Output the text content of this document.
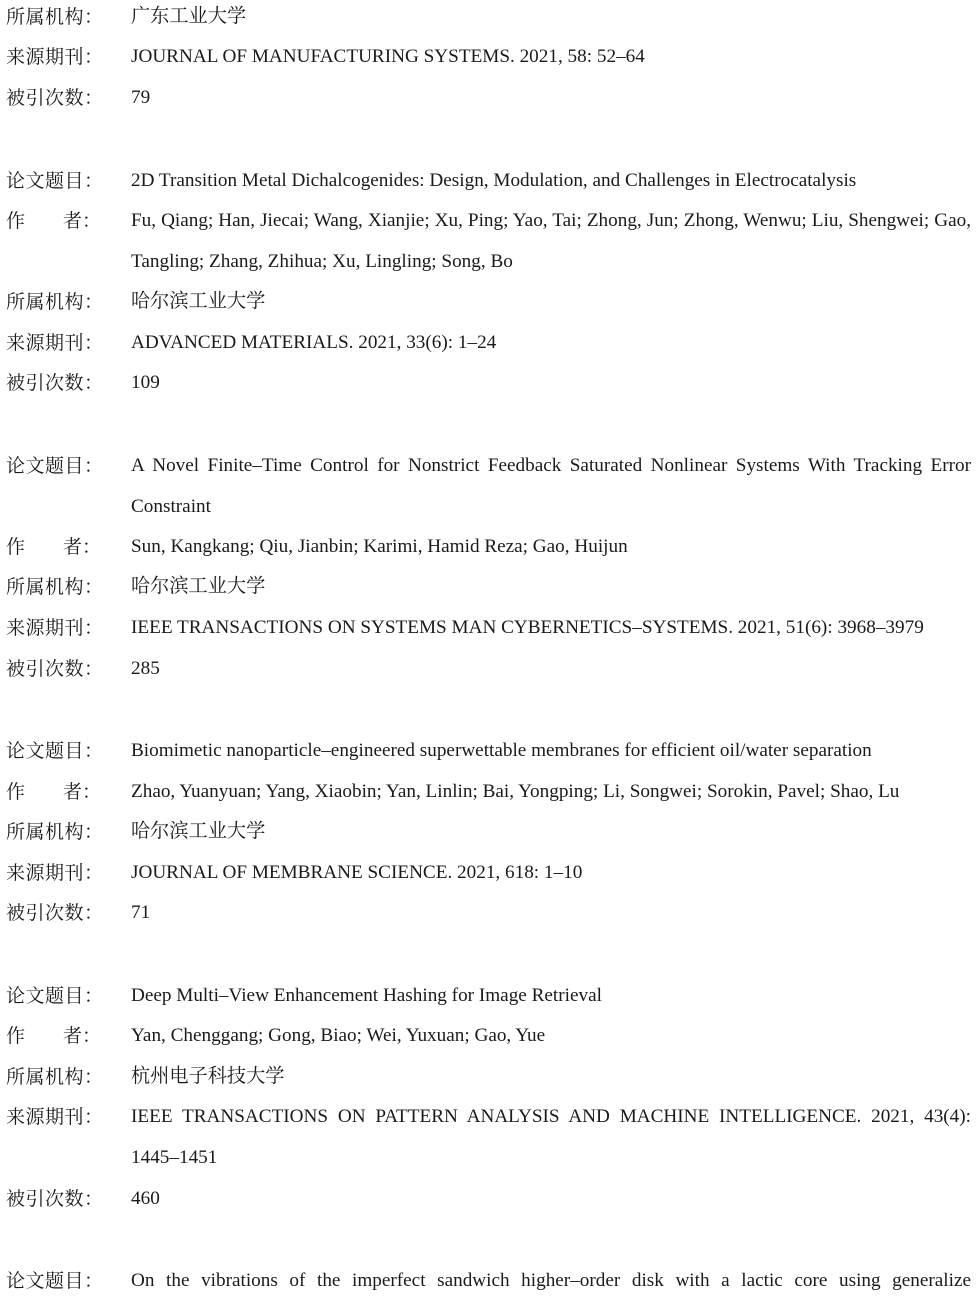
所属机构：	广东工业大学
来源期刊：	JOURNAL OF MANUFACTURING SYSTEMS. 2021, 58: 52–64
被引次数：	79
论文题目：	2D Transition Metal Dichalcogenides: Design, Modulation, and Challenges in Electrocatalysis
作 者：	Fu, Qiang; Han, Jiecai; Wang, Xianjie; Xu, Ping; Yao, Tai; Zhong, Jun; Zhong, Wenwu; Liu, Shengwei; Gao, Tangling; Zhang, Zhihua; Xu, Lingling; Song, Bo
所属机构：	哈尔滨工业大学
来源期刊：	ADVANCED MATERIALS. 2021, 33(6): 1–24
被引次数：	109
论文题目：	A Novel Finite–Time Control for Nonstrict Feedback Saturated Nonlinear Systems With Tracking Error Constraint
作 者：	Sun, Kangkang; Qiu, Jianbin; Karimi, Hamid Reza; Gao, Huijun
所属机构：	哈尔滨工业大学
来源期刊：	IEEE TRANSACTIONS ON SYSTEMS MAN CYBERNETICS–SYSTEMS. 2021, 51(6): 3968–3979
被引次数：	285
论文题目：	Biomimetic nanoparticle–engineered superwettable membranes for efficient oil/water separation
作 者：	Zhao, Yuanyuan; Yang, Xiaobin; Yan, Linlin; Bai, Yongping; Li, Songwei; Sorokin, Pavel; Shao, Lu
所属机构：	哈尔滨工业大学
来源期刊：	JOURNAL OF MEMBRANE SCIENCE. 2021, 618: 1–10
被引次数：	71
论文题目：	Deep Multi–View Enhancement Hashing for Image Retrieval
作 者：	Yan, Chenggang; Gong, Biao; Wei, Yuxuan; Gao, Yue
所属机构：	杭州电子科技大学
来源期刊：	IEEE TRANSACTIONS ON PATTERN ANALYSIS AND MACHINE INTELLIGENCE. 2021, 43(4): 1445–1451
被引次数：	460
论文题目：	On the vibrations of the imperfect sandwich higher–order disk with a lactic core using generalize
